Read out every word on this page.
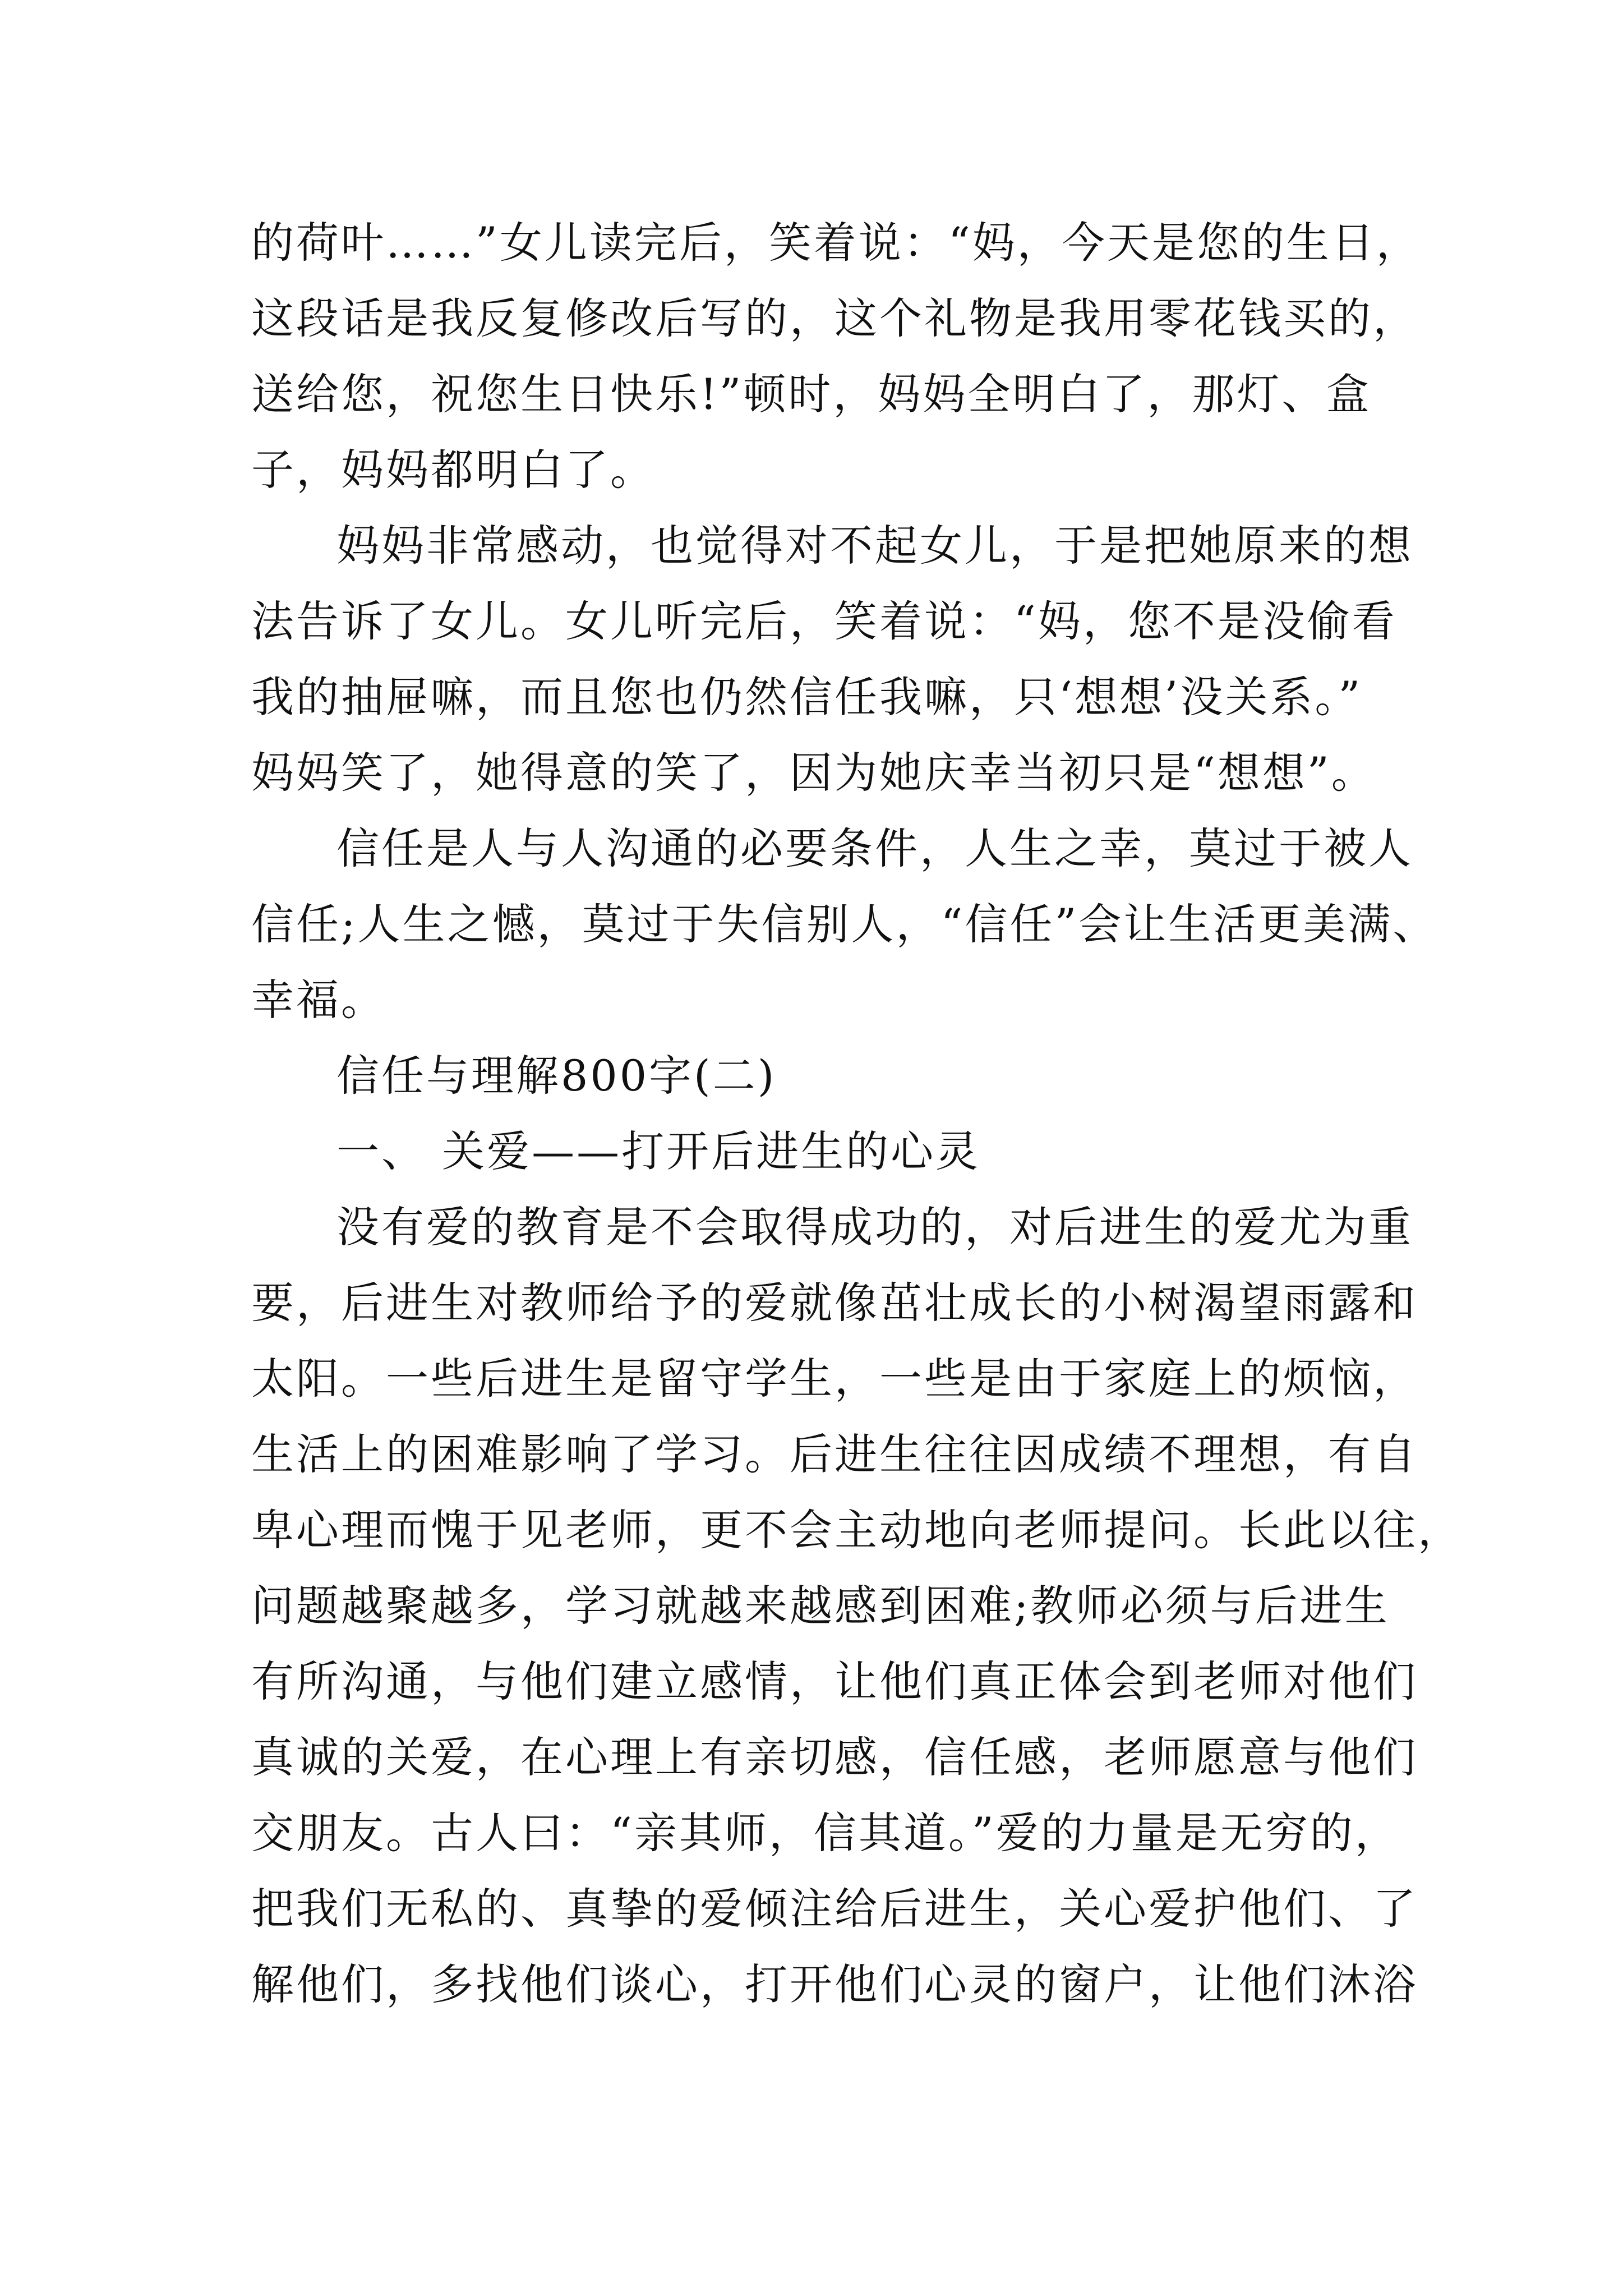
的荷叶……”女儿读完后，笑着说：“妈，今天是您的生日，
这段话是我反复修改后写的，这个礼物是我用零花钱买的，
送给您，祝您生日快乐!”顿时，妈妈全明白了，那灯、盒
子，妈妈都明白了。
妈妈非常感动，也觉得对不起女儿，于是把她原来的想
法告诉了女儿。女儿听完后，笑着说：“妈，您不是没偷看
我的抽屉嘛，而且您也仍然信任我嘛，只‘想想’没关系。”
妈妈笑了，她得意的笑了，因为她庆幸当初只是“想想”。
信任是人与人沟通的必要条件，人生之幸，莫过于被人
信任;人生之憾，莫过于失信别人，“信任”会让生活更美满、
幸福。
信任与理解800字(二)
一、 关爱——打开后进生的心灵
没有爱的教育是不会取得成功的，对后进生的爱尤为重
要，后进生对教师给予的爱就像茁壮成长的小树渴望雨露和
太阳。一些后进生是留守学生，一些是由于家庭上的烦恼，
生活上的困难影响了学习。后进生往往因成绩不理想，有自
卑心理而愧于见老师，更不会主动地向老师提问。长此以往，
问题越聚越多，学习就越来越感到困难;教师必须与后进生
有所沟通，与他们建立感情，让他们真正体会到老师对他们
真诚的关爱，在心理上有亲切感，信任感，老师愿意与他们
交朋友。古人曰：“亲其师，信其道。”爱的力量是无穷的，
把我们无私的、真挚的爱倾注给后进生，关心爱护他们、了
解他们，多找他们谈心，打开他们心灵的窗户，让他们沐浴
